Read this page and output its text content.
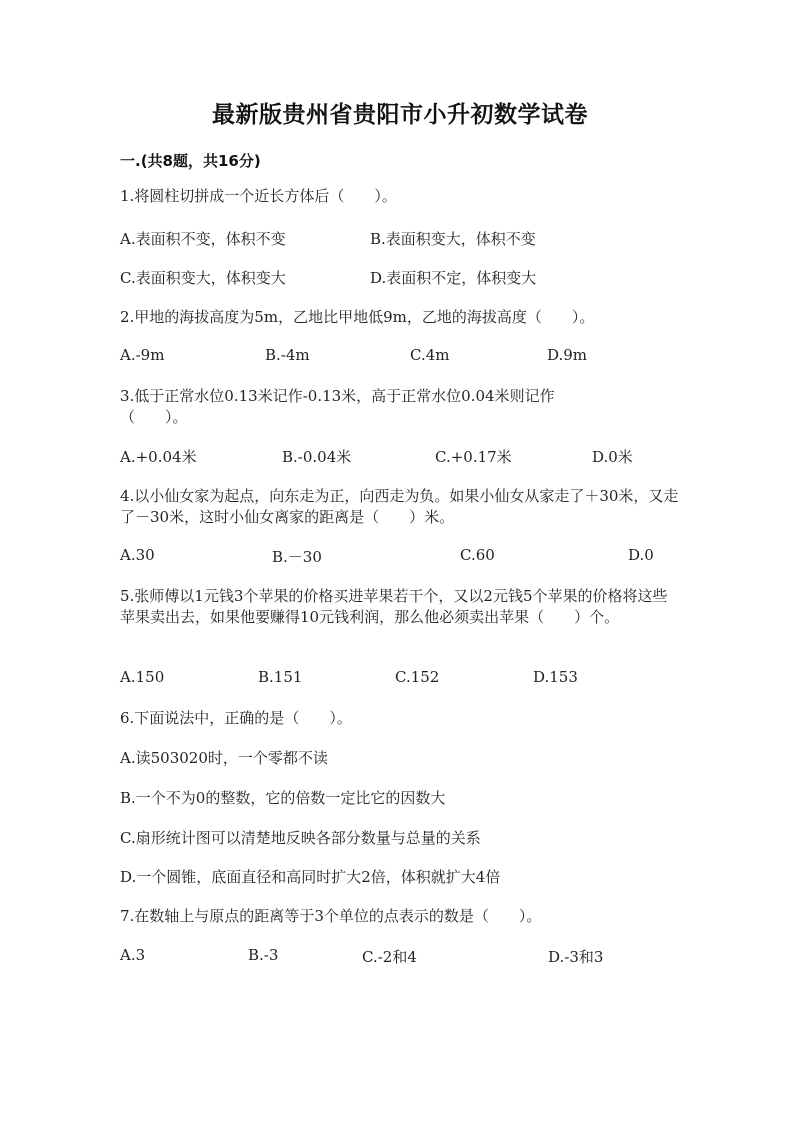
最新版贵州省贵阳市小升初数学试卷
一.(共8题，共16分)
1.将圆柱切拼成一个近长方体后（　　）。
A.表面积不变，体积不变	B.表面积变大，体积不变
C.表面积变大，体积变大	D.表面积不定，体积变大
2.甲地的海拔高度为5m，乙地比甲地低9m，乙地的海拔高度（　　）。
A.-9m	B.-4m	C.4m	D.9m
3.低于正常水位0.13米记作-0.13米，高于正常水位0.04米则记作（　　）。
A.+0.04米	B.-0.04米	C.+0.17米	D.0米
4.以小仙女家为起点，向东走为正，向西走为负。如果小仙女从家走了＋30米，又走了－30米，这时小仙女离家的距离是（　　）米。
A.30	B.－30	C.60	D.0
5.张师傅以1元钱3个苹果的价格买进苹果若干个，又以2元钱5个苹果的价格将这些苹果卖出去，如果他要赚得10元钱利润，那么他必须卖出苹果（　　）个。
A.150	B.151	C.152	D.153
6.下面说法中，正确的是（　　）。
A.读503020时，一个零都不读
B.一个不为0的整数，它的倍数一定比它的因数大
C.扇形统计图可以清楚地反映各部分数量与总量的关系
D.一个圆锥，底面直径和高同时扩大2倍，体积就扩大4倍
7.在数轴上与原点的距离等于3个单位的点表示的数是（　　）。
A.3	B.-3	C.-2和4	D.-3和3
